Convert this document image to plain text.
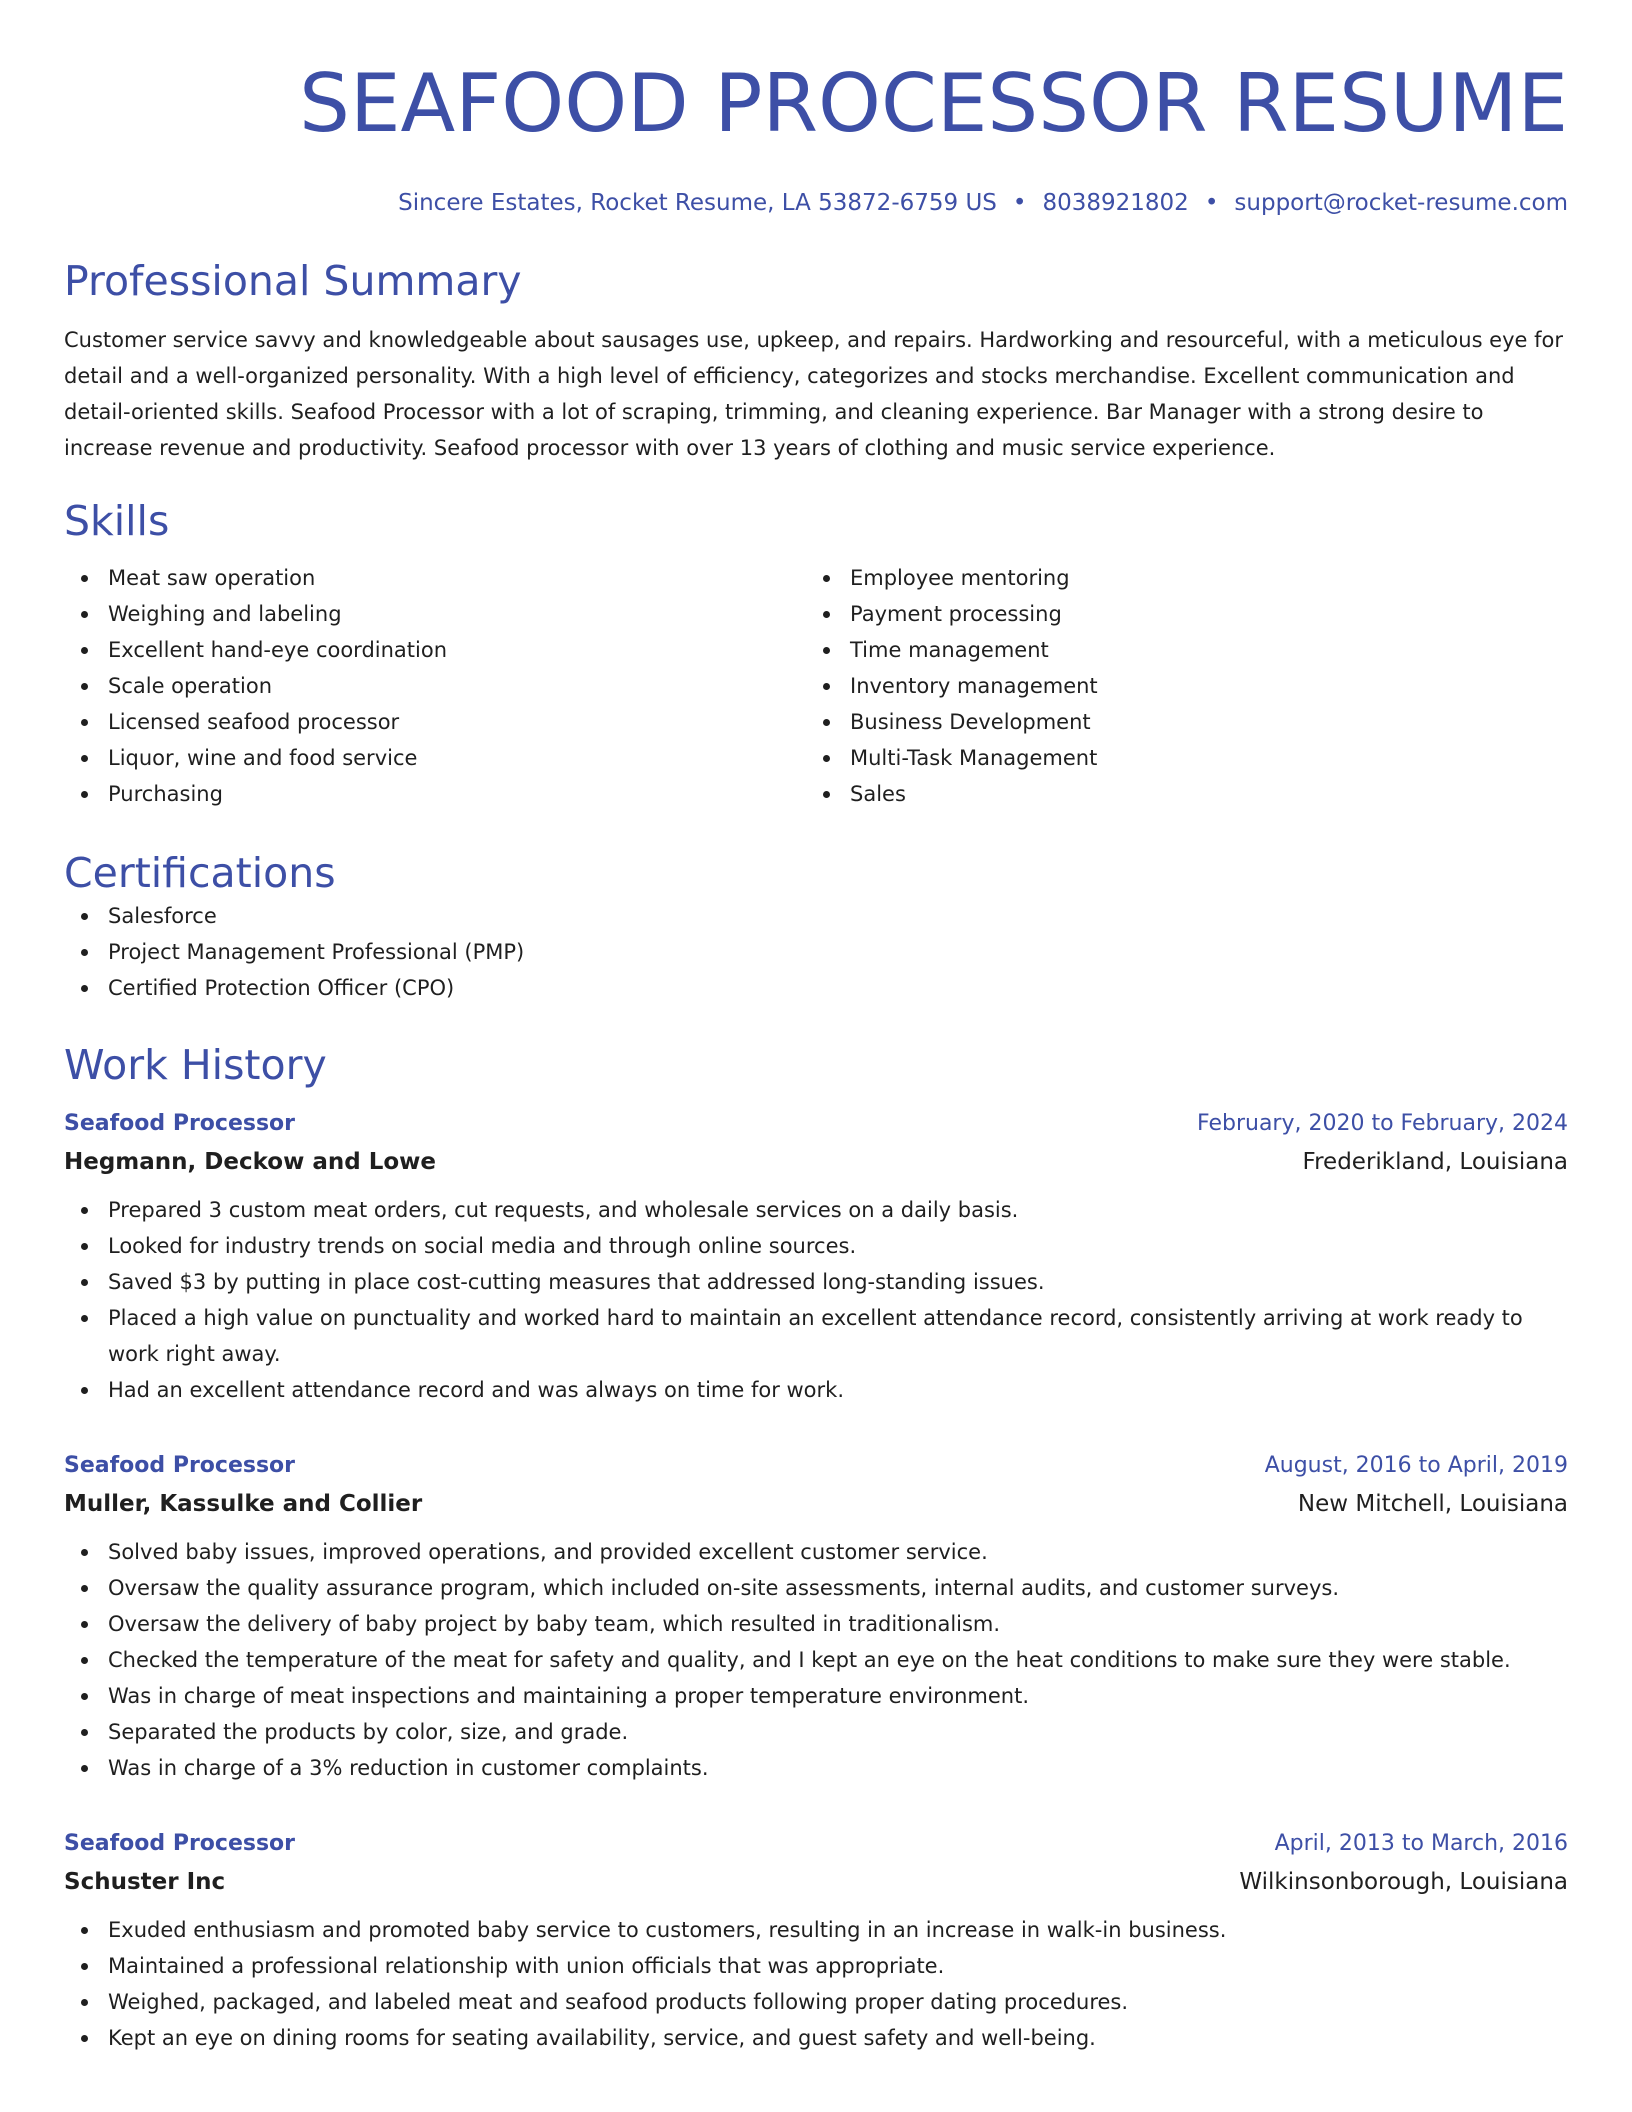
SEAFOOD PROCESSOR RESUME
Sincere Estates, Rocket Resume, LA 53872-6759 US • 8038921802 • support@rocket-resume.com
Professional Summary

Customer service savvy and knowledgeable about sausages use, upkeep, and repairs. Hardworking and resourceful, with a meticulous eye for detail and a well-organized personality. With a high level of efficiency, categorizes and stocks merchandise. Excellent communication and detail-oriented skills. Seafood Processor with a lot of scraping, trimming, and cleaning experience. Bar Manager with a strong desire to increase revenue and productivity. Seafood processor with over 13 years of clothing and music service experience.

Skills
Meat saw operation
Weighing and labeling
Excellent hand-eye coordination
Scale operation
Licensed seafood processor
Liquor, wine and food service
Purchasing
Employee mentoring
Payment processing
Time management
Inventory management
Business Development
Multi-Task Management
Sales
Certifications
Salesforce
Project Management Professional (PMP)
Certified Protection Officer (CPO)
Work History
Seafood Processor	February, 2020 to February, 2024
Hegmann, Deckow and Lowe	Frederikland, Louisiana
Prepared 3 custom meat orders, cut requests, and wholesale services on a daily basis.
Looked for industry trends on social media and through online sources.
Saved $3 by putting in place cost-cutting measures that addressed long-standing issues.
Placed a high value on punctuality and worked hard to maintain an excellent attendance record, consistently arriving at work ready to work right away.
Had an excellent attendance record and was always on time for work.
Seafood Processor	August, 2016 to April, 2019
Muller, Kassulke and Collier	New Mitchell, Louisiana
Solved baby issues, improved operations, and provided excellent customer service.
Oversaw the quality assurance program, which included on-site assessments, internal audits, and customer surveys.
Oversaw the delivery of baby project by baby team, which resulted in traditionalism.
Checked the temperature of the meat for safety and quality, and I kept an eye on the heat conditions to make sure they were stable.
Was in charge of meat inspections and maintaining a proper temperature environment.
Separated the products by color, size, and grade.
Was in charge of a 3% reduction in customer complaints.
Seafood Processor	April, 2013 to March, 2016
Schuster Inc	Wilkinsonborough, Louisiana
Exuded enthusiasm and promoted baby service to customers, resulting in an increase in walk-in business.
Maintained a professional relationship with union officials that was appropriate.
Weighed, packaged, and labeled meat and seafood products following proper dating procedures.
Kept an eye on dining rooms for seating availability, service, and guest safety and well-being.
